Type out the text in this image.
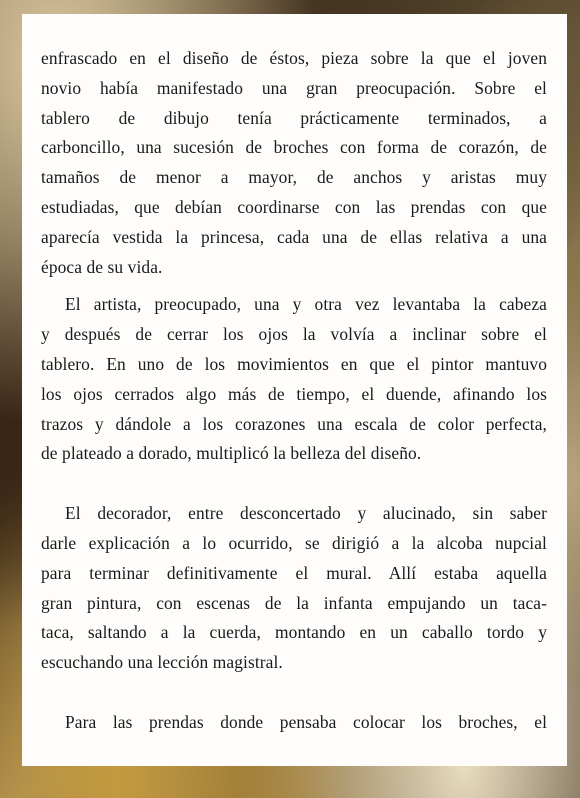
enfrascado en el diseño de éstos, pieza sobre la que el joven
novio había manifestado una gran preocupación. Sobre el
tablero de dibujo tenía prácticamente terminados, a
carboncillo, una sucesión de broches con forma de corazón, de
tamaños de menor a mayor, de anchos y aristas muy
estudiadas, que debían coordinarse con las prendas con que
aparecía vestida la princesa, cada una de ellas relativa a una
época de su vida.

El artista, preocupado, una y otra vez levantaba la cabeza
y después de cerrar los ojos la volvía a inclinar sobre el
tablero. En uno de los movimientos en que el pintor mantuvo
los ojos cerrados algo más de tiempo, el duende, afinando los
trazos y dándole a los corazones una escala de color perfecta,
de plateado a dorado, multiplicó la belleza del diseño.

El decorador, entre desconcertado y alucinado, sin saber
darle explicación a lo ocurrido, se dirigió a la alcoba nupcial
para terminar definitivamente el mural. Allí estaba aquella
gran pintura, con escenas de la infanta empujando un taca-
taca, saltando a la cuerda, montando en un caballo tordo y
escuchando una lección magistral.

Para las prendas donde pensaba colocar los broches, el
